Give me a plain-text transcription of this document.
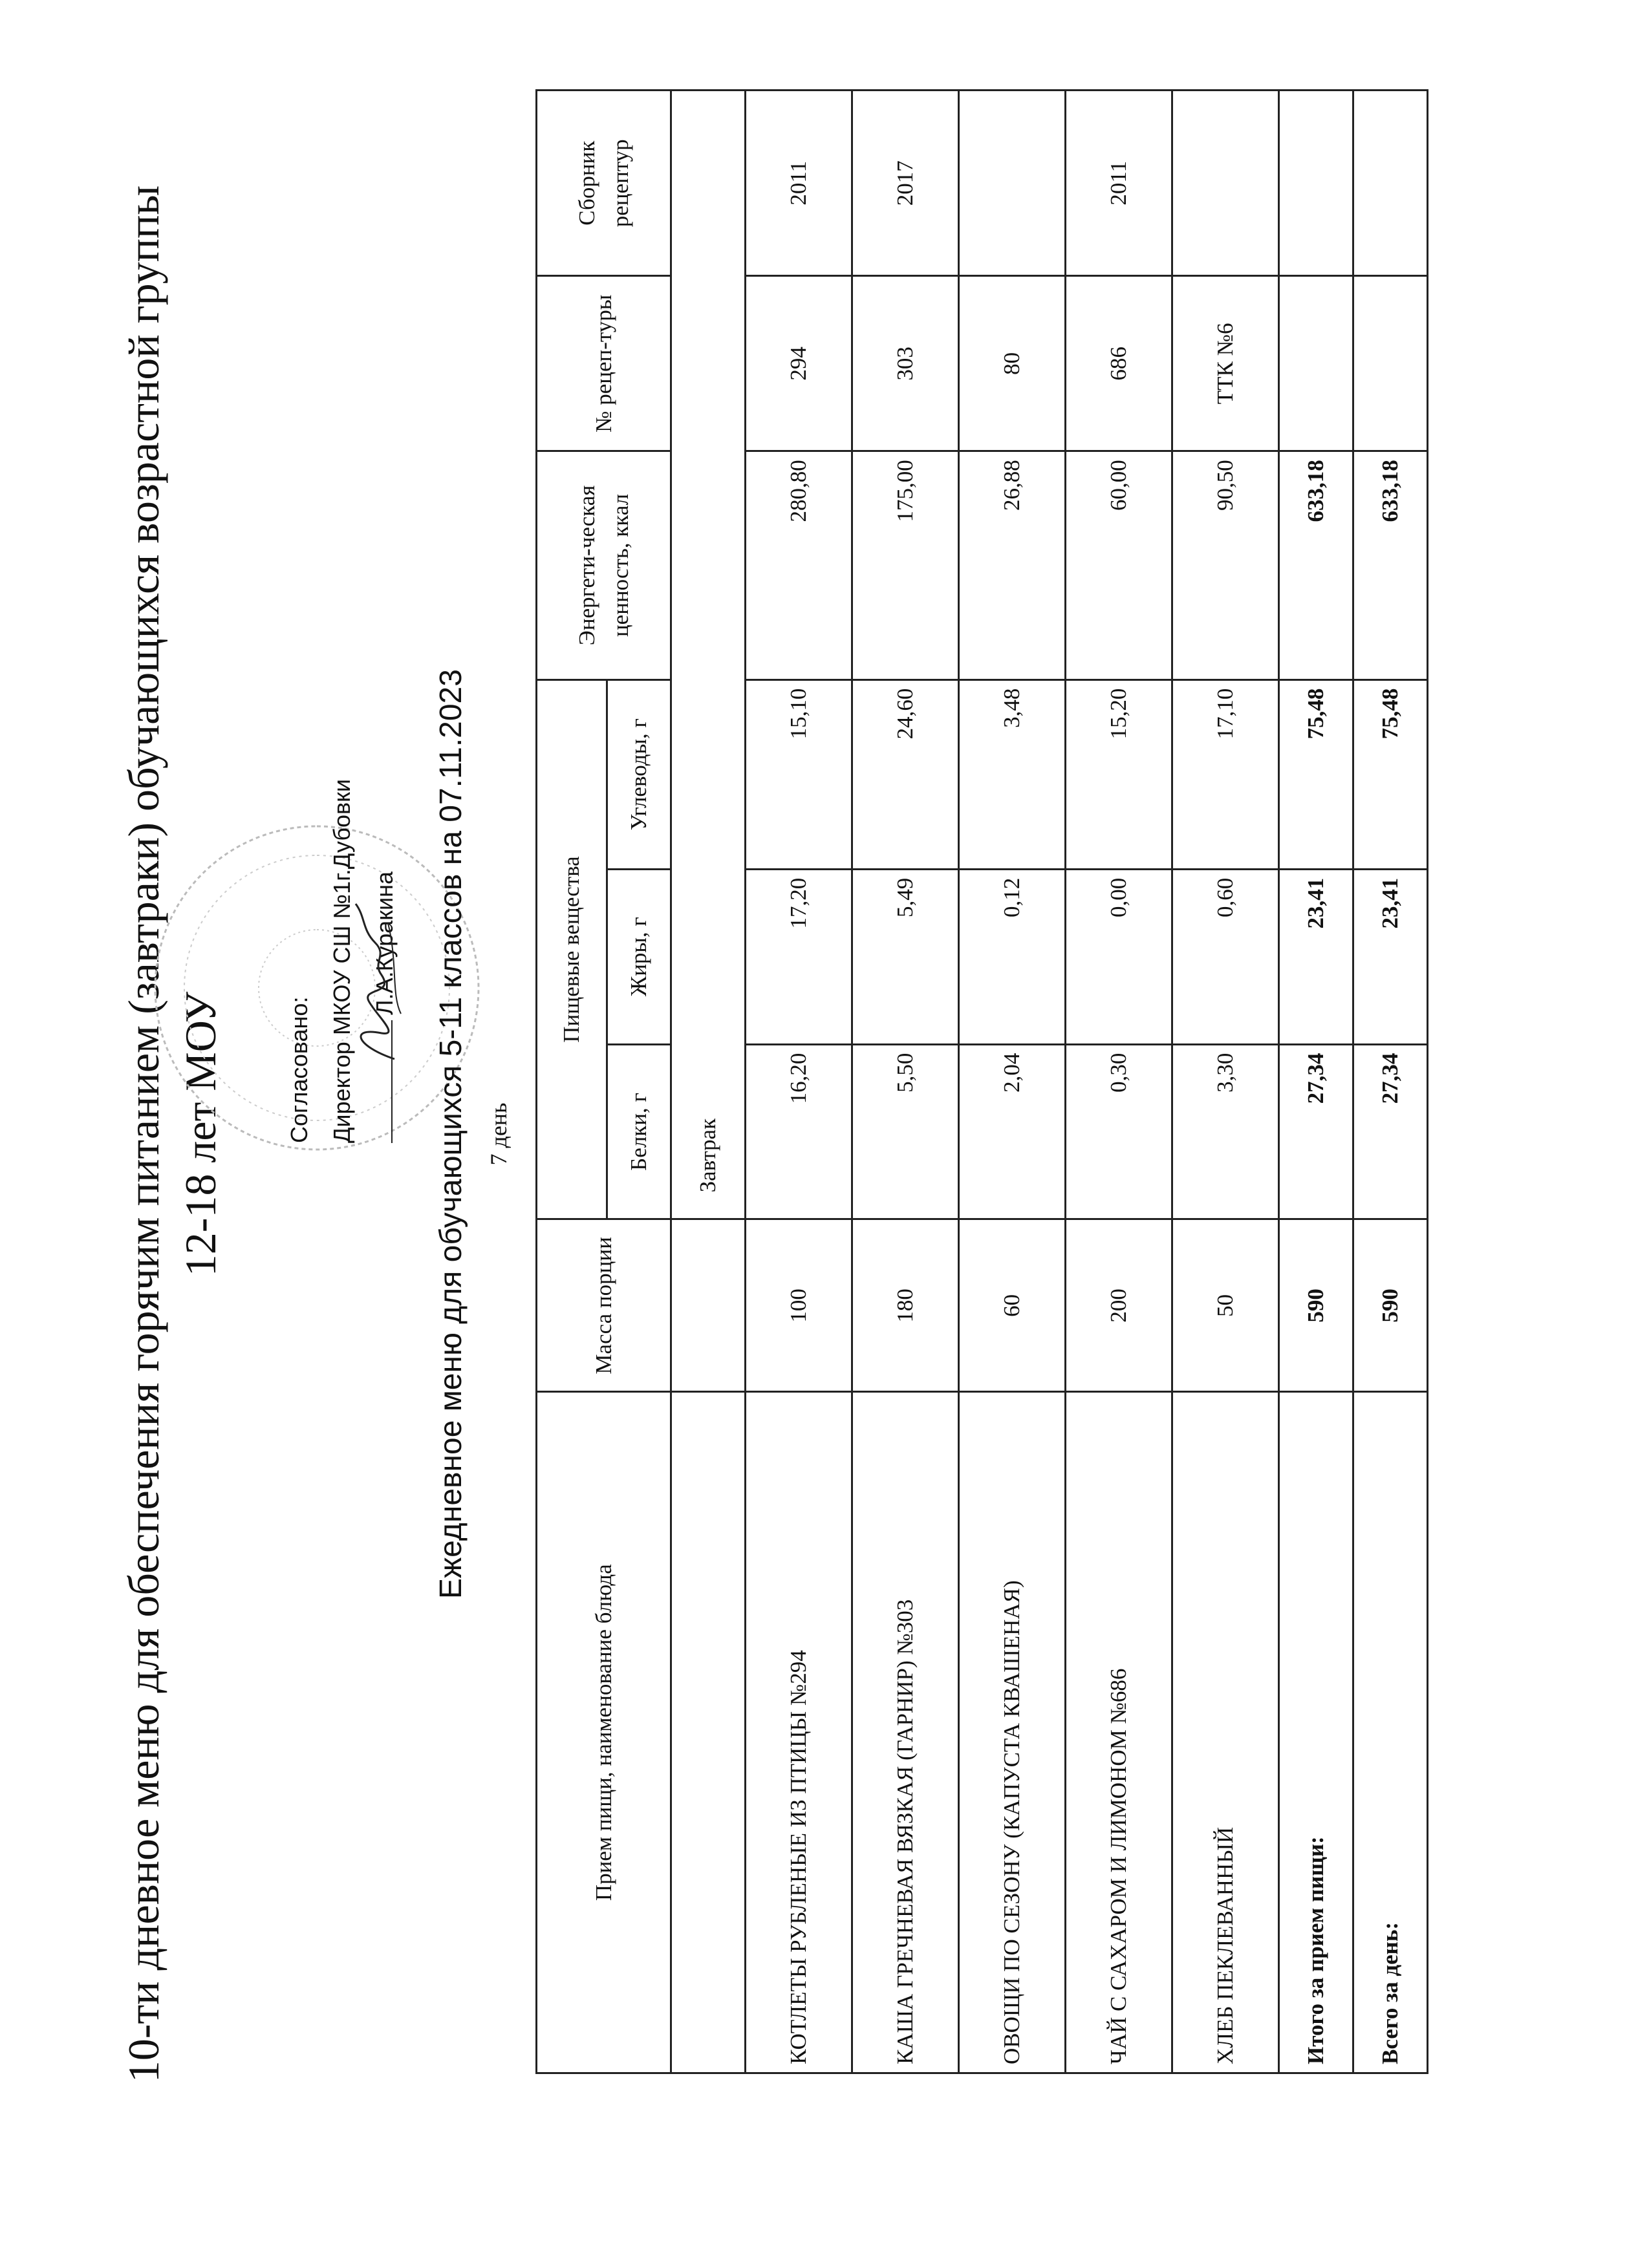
10-ти дневное меню для обеспечения горячим питанием (завтраки) обучающихся возрастной группы 12-18 лет МОУ	Согласовано: Директор МКОУ СШ №1г.Дубовки Л.А.Куракина Ежедневное меню для обучающихся 5-11 классов на 07.11.2023 7 день
Прием пищи, наименование блюда	Масса порции	Пищевые вещества			Энергети-ческая ценность, ккал	№ рецеп-туры	Сборник рецептур
		Белки, г	Жиры, г	Углеводы, г			
		Завтрак					
КОТЛЕТЫ РУБЛЕНЫЕ ИЗ ПТИЦЫ №294	100	16,20	17,20	15,10	280,80	294	2011
КАША ГРЕЧНЕВАЯ ВЯЗКАЯ (ГАРНИР) №303	180	5,50	5,49	24,60	175,00	303	2017
ОВОЩИ ПО СЕЗОНУ (КАПУСТА КВАШЕНАЯ)	60	2,04	0,12	3,48	26,88	80	
ЧАЙ С САХАРОМ И ЛИМОНОМ №686	200	0,30	0,00	15,20	60,00	686	2011
ХЛЕБ ПЕКЛЕВАННЫЙ	50	3,30	0,60	17,10	90,50	ТТК №6	
Итого за прием пищи:	590	27,34	23,41	75,48	633,18		
Всего за день:	590	27,34	23,41	75,48	633,18		
